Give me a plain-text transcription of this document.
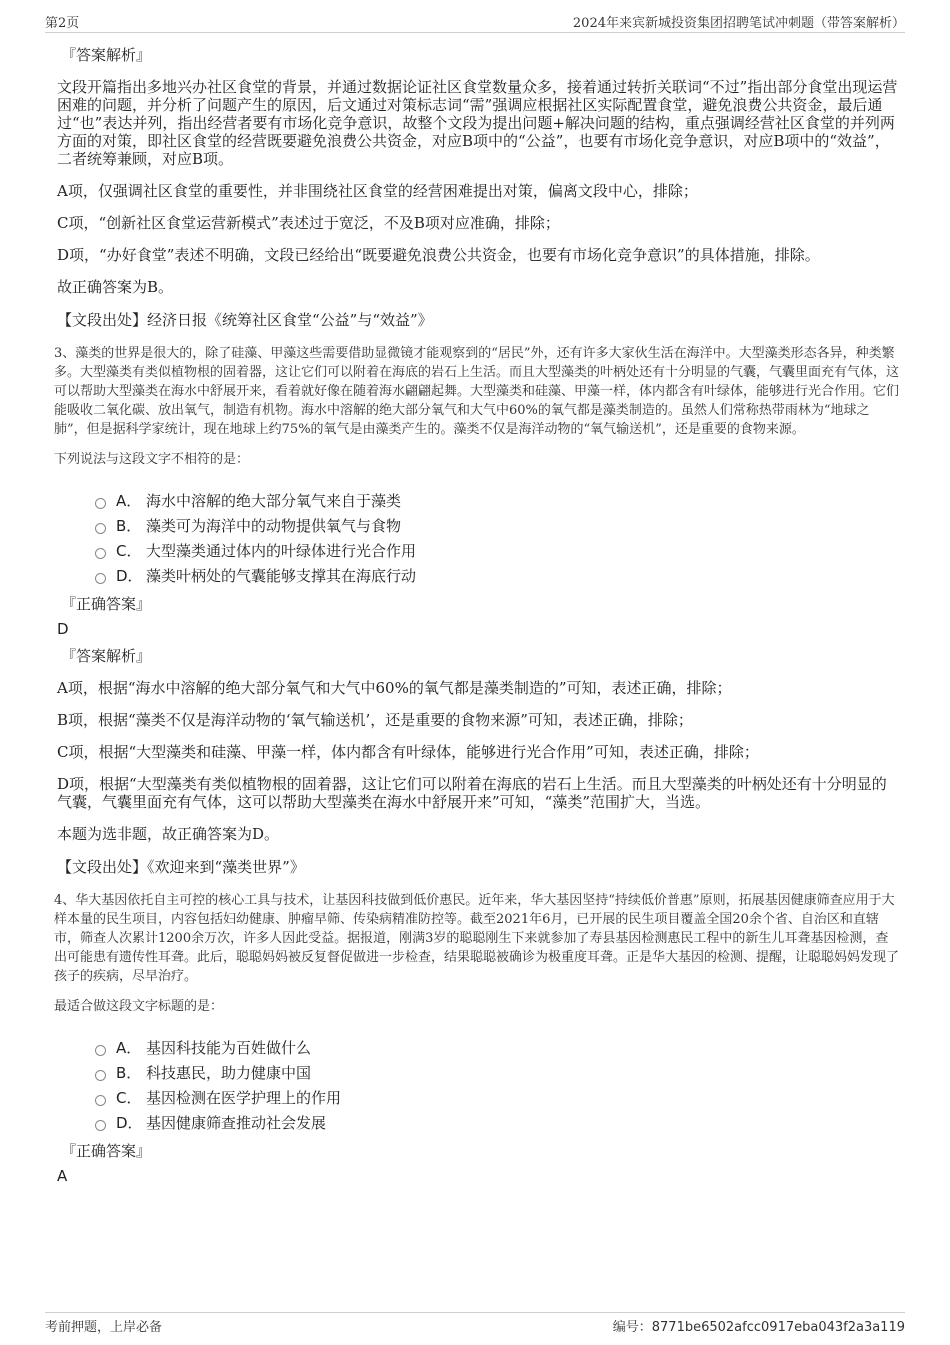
第2页	2024年来宾新城投资集团招聘笔试冲刺题（带答案解析）
『答案解析』

文段开篇指出多地兴办社区食堂的背景，并通过数据论证社区食堂数量众多，接着通过转折关联词“不过”指出部分食堂出现运营困难的问题，并分析了问题产生的原因，后文通过对策标志词“需”强调应根据社区实际配置食堂，避免浪费公共资金，最后通过“也”表达并列，指出经营者要有市场化竞争意识，故整个文段为提出问题+解决问题的结构，重点强调经营社区食堂的并列两方面的对策，即社区食堂的经营既要避免浪费公共资金，对应B项中的“公益”，也要有市场化竞争意识，对应B项中的“效益”，二者统筹兼顾，对应B项。

A项，仅强调社区食堂的重要性，并非围绕社区食堂的经营困难提出对策，偏离文段中心，排除；

C项，“创新社区食堂运营新模式”表述过于宽泛，不及B项对应准确，排除；

D项，“办好食堂”表述不明确，文段已经给出“既要避免浪费公共资金，也要有市场化竞争意识”的具体措施，排除。

故正确答案为B。

【文段出处】经济日报《统筹社区食堂“公益”与“效益”》

3、藻类的世界是很大的，除了硅藻、甲藻这些需要借助显微镜才能观察到的“居民”外，还有许多大家伙生活在海洋中。大型藻类形态各异，种类繁多。大型藻类有类似植物根的固着器，这让它们可以附着在海底的岩石上生活。而且大型藻类的叶柄处还有十分明显的气囊，气囊里面充有气体，这可以帮助大型藻类在海水中舒展开来，看着就好像在随着海水翩翩起舞。大型藻类和硅藻、甲藻一样，体内都含有叶绿体，能够进行光合作用。它们能吸收二氧化碳、放出氧气，制造有机物。海水中溶解的绝大部分氧气和大气中60%的氧气都是藻类制造的。虽然人们常称热带雨林为“地球之肺”，但是据科学家统计，现在地球上约75%的氧气是由藻类产生的。藻类不仅是海洋动物的“氧气输送机”，还是重要的食物来源。

下列说法与这段文字不相符的是：

A． 海水中溶解的绝大部分氧气来自于藻类
B． 藻类可为海洋中的动物提供氧气与食物
C． 大型藻类通过体内的叶绿体进行光合作用
D． 藻类叶柄处的气囊能够支撑其在海底行动
『正确答案』
D
『答案解析』

A项，根据“海水中溶解的绝大部分氧气和大气中60%的氧气都是藻类制造的”可知，表述正确，排除；

B项，根据“藻类不仅是海洋动物的‘氧气输送机’，还是重要的食物来源”可知，表述正确，排除；

C项，根据“大型藻类和硅藻、甲藻一样，体内都含有叶绿体，能够进行光合作用”可知，表述正确，排除；

D项，根据“大型藻类有类似植物根的固着器，这让它们可以附着在海底的岩石上生活。而且大型藻类的叶柄处还有十分明显的气囊，气囊里面充有气体，这可以帮助大型藻类在海水中舒展开来”可知，“藻类”范围扩大，当选。

本题为选非题，故正确答案为D。

【文段出处】《欢迎来到“藻类世界”》

4、华大基因依托自主可控的核心工具与技术，让基因科技做到低价惠民。近年来，华大基因坚持“持续低价普惠”原则，拓展基因健康筛查应用于大样本量的民生项目，内容包括妇幼健康、肿瘤早筛、传染病精准防控等。截至2021年6月，已开展的民生项目覆盖全国20余个省、自治区和直辖市，筛查人次累计1200余万次，许多人因此受益。据报道，刚满3岁的聪聪刚生下来就参加了寿县基因检测惠民工程中的新生儿耳聋基因检测，查出可能患有遗传性耳聋。此后，聪聪妈妈被反复督促做进一步检查，结果聪聪被确诊为极重度耳聋。正是华大基因的检测、提醒，让聪聪妈妈发现了孩子的疾病，尽早治疗。

最适合做这段文字标题的是：

A． 基因科技能为百姓做什么
B． 科技惠民，助力健康中国
C． 基因检测在医学护理上的作用
D． 基因健康筛查推动社会发展
『正确答案』
A
考前押题，上岸必备	编号：8771be6502afcc0917eba043f2a3a119
